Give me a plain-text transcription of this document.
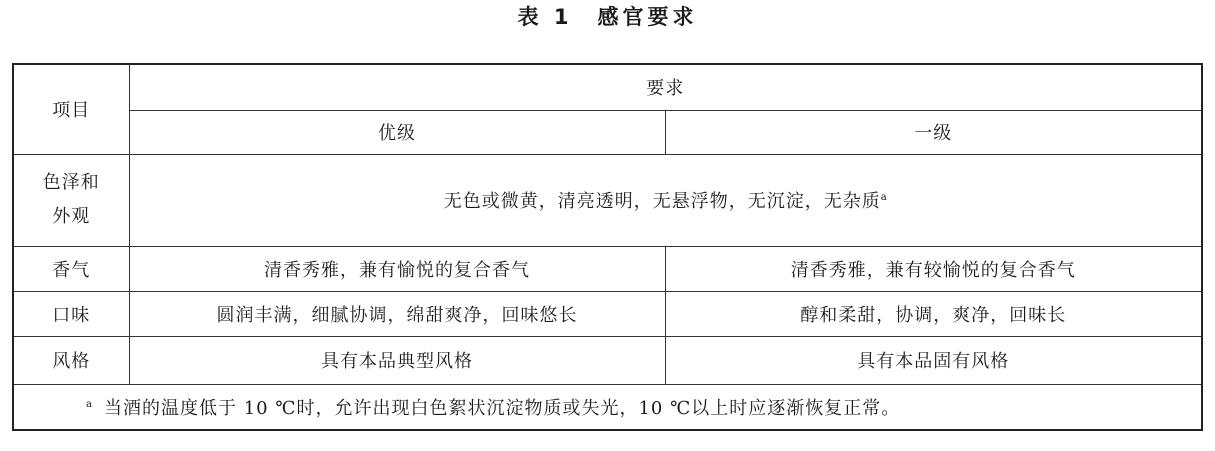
表 1　感官要求
项目	要求	
	优级	一级

色泽和外观	无色或微黄，清亮透明，无悬浮物，无沉淀，无杂质$^a$
香气	清香秀雅，兼有愉悦的复合香气	清香秀雅，兼有较愉悦的复合香气
口味	圆润丰满，细腻协调，绵甜爽净，回味悠长	醇和柔甜，协调，爽净，回味长
风格	具有本品典型风格	具有本品固有风格
$^a$ 当酒的温度低于 10 ℃时，允许出现白色絮状沉淀物质或失光，10 ℃以上时应逐渐恢复正常。		
